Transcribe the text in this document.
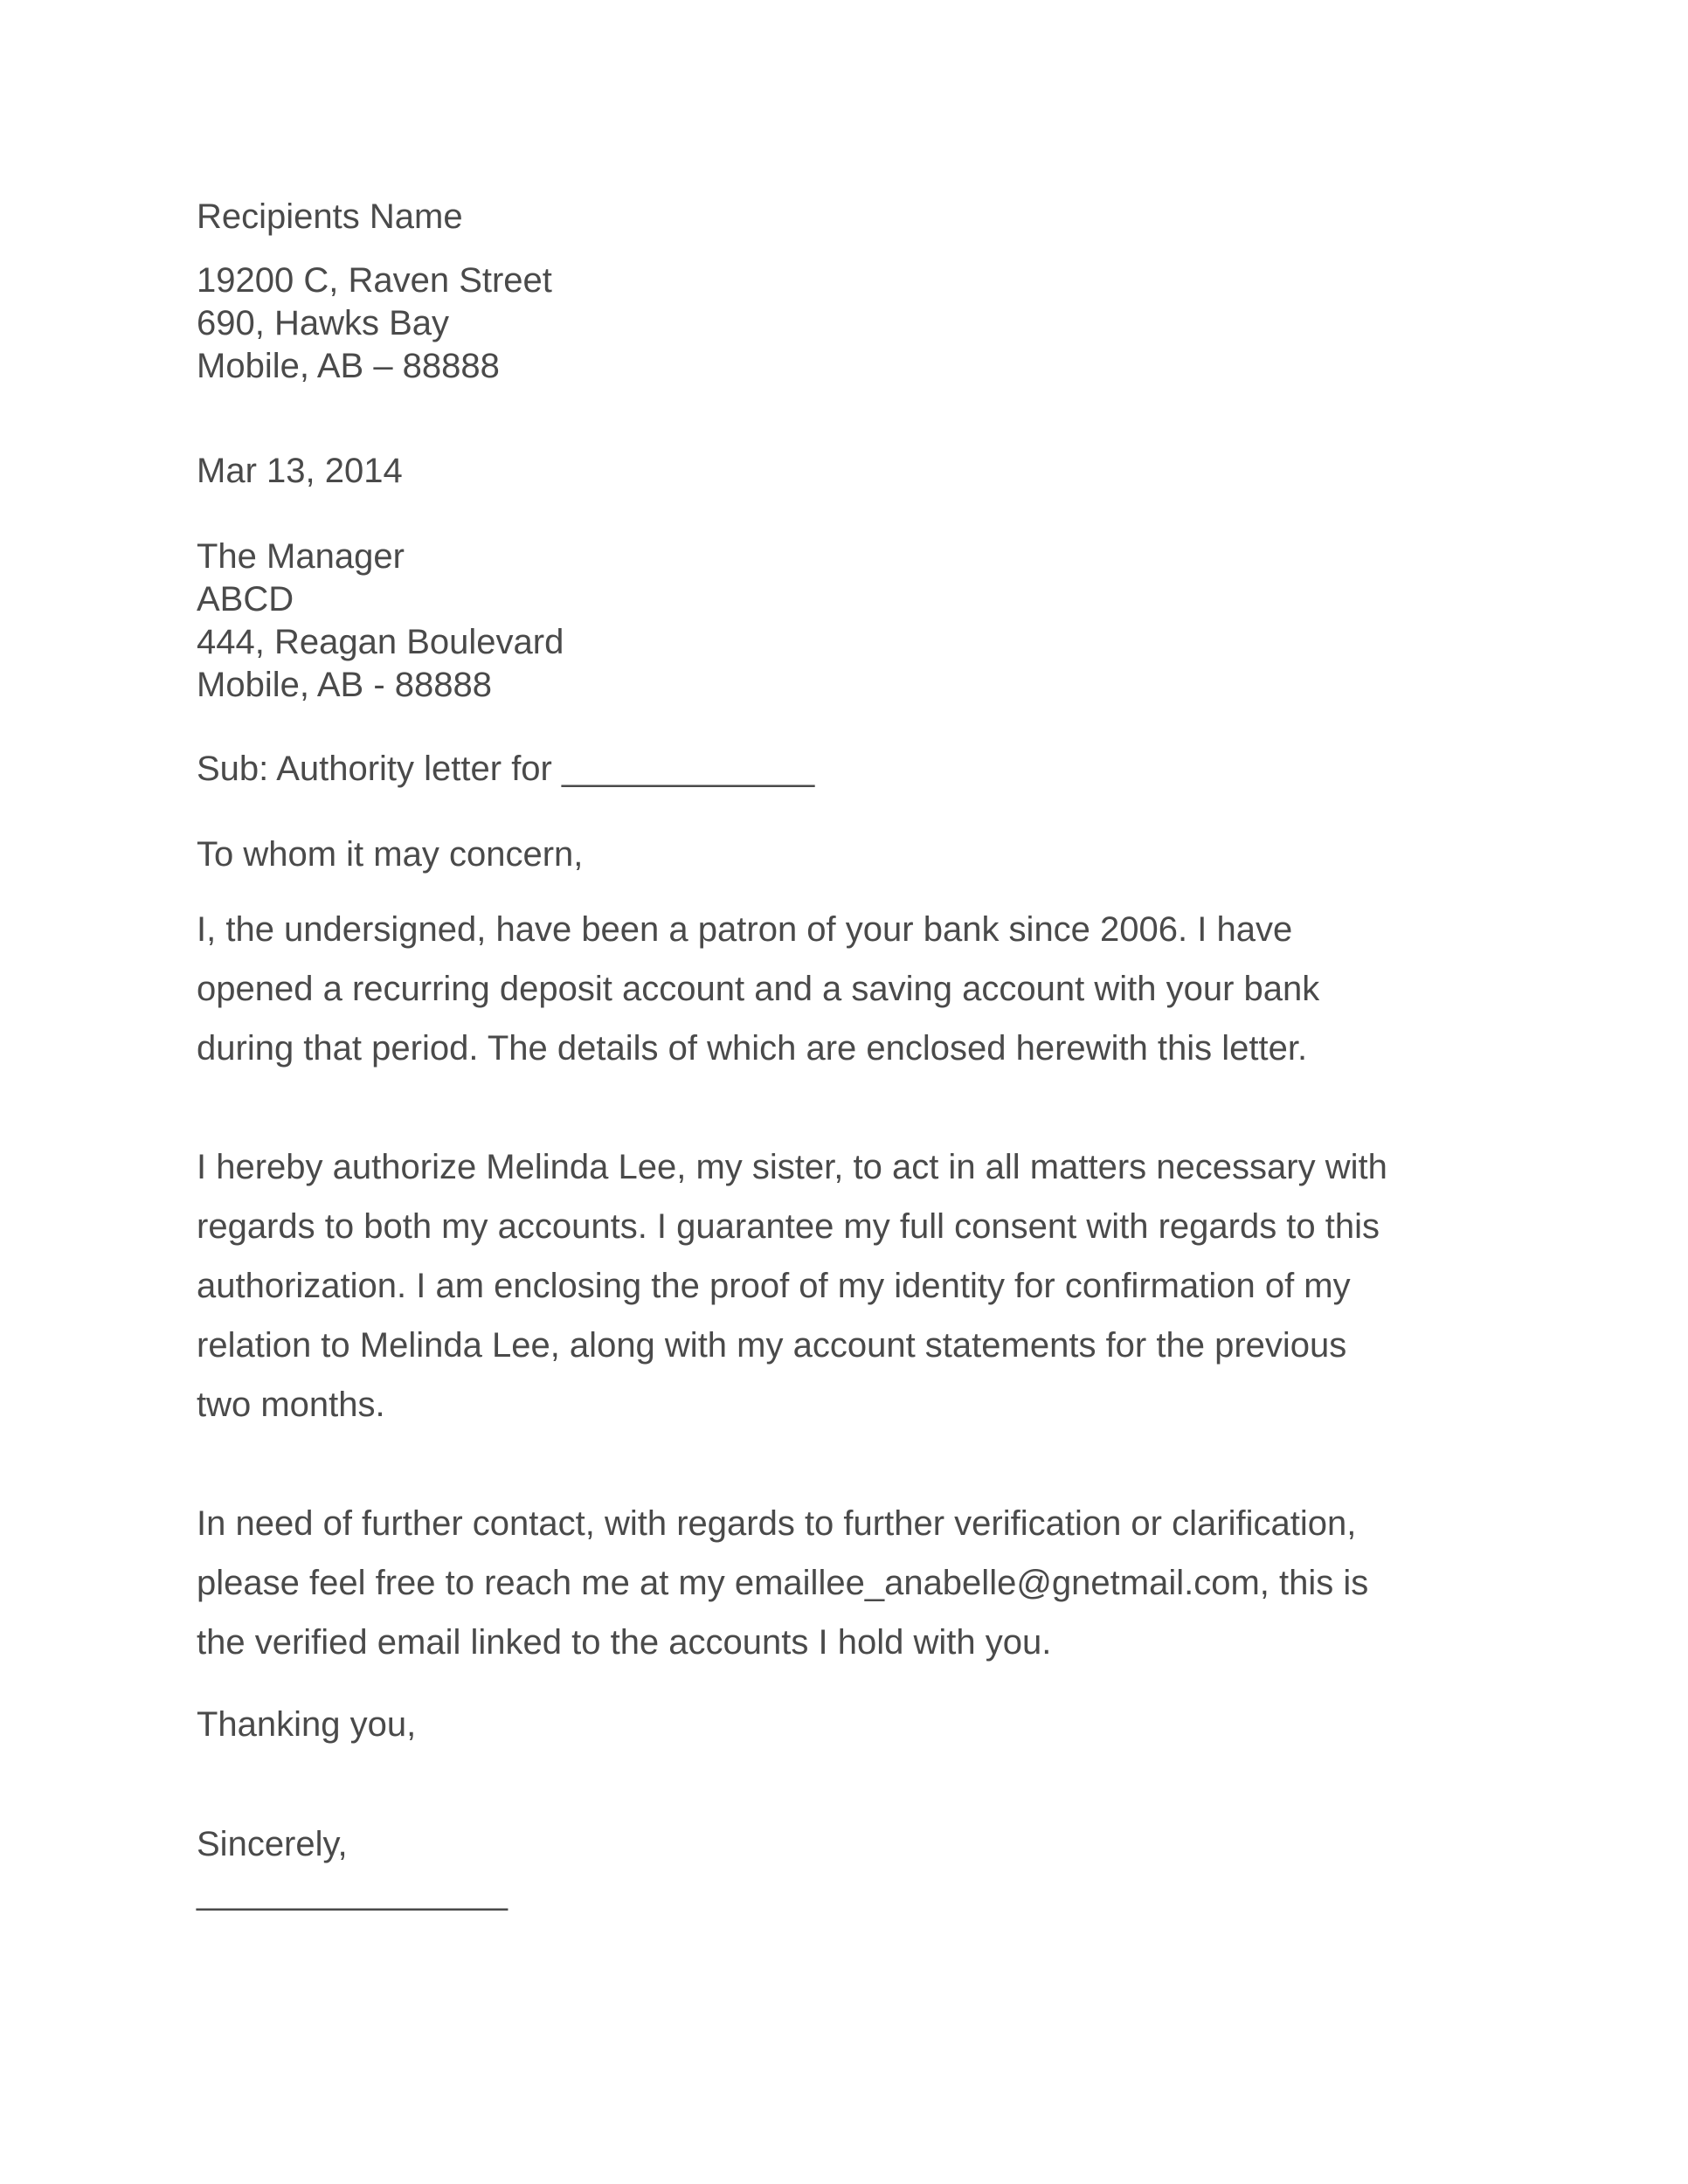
Recipients Name
19200 C, Raven Street
690, Hawks Bay
Mobile, AB – 88888
Mar 13, 2014
The Manager
ABCD
444, Reagan Boulevard
Mobile, AB - 88888
Sub: Authority letter for _____________
To whom it may concern,

I, the undersigned, have been a patron of your bank since 2006. I have

opened a recurring deposit account and a saving account with your bank

during that period. The details of which are enclosed herewith this letter.

I hereby authorize Melinda Lee, my sister, to act in all matters necessary with

regards to both my accounts. I guarantee my full consent with regards to this

authorization. I am enclosing the proof of my identity for confirmation of my

relation to Melinda Lee, along with my account statements for the previous

two months.

In need of further contact, with regards to further verification or clarification,

please feel free to reach me at my emaillee_anabelle@gnetmail.com, this is

the verified email linked to the accounts I hold with you.

Thanking you,
Sincerely,
________________
